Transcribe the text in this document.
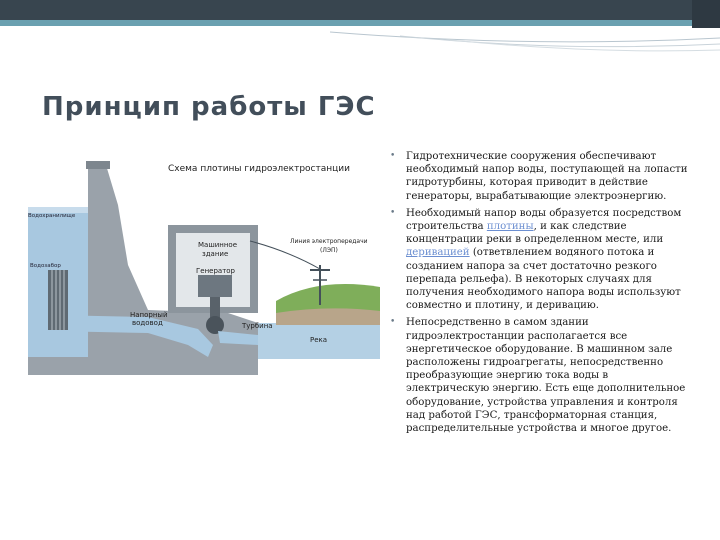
Принцип работы ГЭС
Схема плотины гидроэлектростанции
Водохранилище
Водозабор
Машинное
здание
Генератор
Линия электропередачи
(ЛЭП)
Напорный
водовод	Турбина
Река
• Гидротехнические сооружения обеспечивают необходимый напор воды, поступающей на лопасти гидротурбины, которая приводит в действие генераторы, вырабатывающие электроэнергию.
• Необходимый напор воды образуется посредством строительства плотины, и как следствие концентрации реки в определенном месте, или деривацией (ответвлением водяного потока и созданием напора за счет достаточно резкого перепада рельефа). В некоторых случаях для получения необходимого напора воды используют совместно и плотину, и деривацию.
• Непосредственно в самом здании гидроэлектростанции располагается все энергетическое оборудование. В машинном зале расположены гидроагрегаты, непосредственно преобразующие энергию тока воды в электрическую энергию. Есть еще дополнительное оборудование, устройства управления и контроля над работой ГЭС, трансформаторная станция, распределительные устройства и многое другое.
